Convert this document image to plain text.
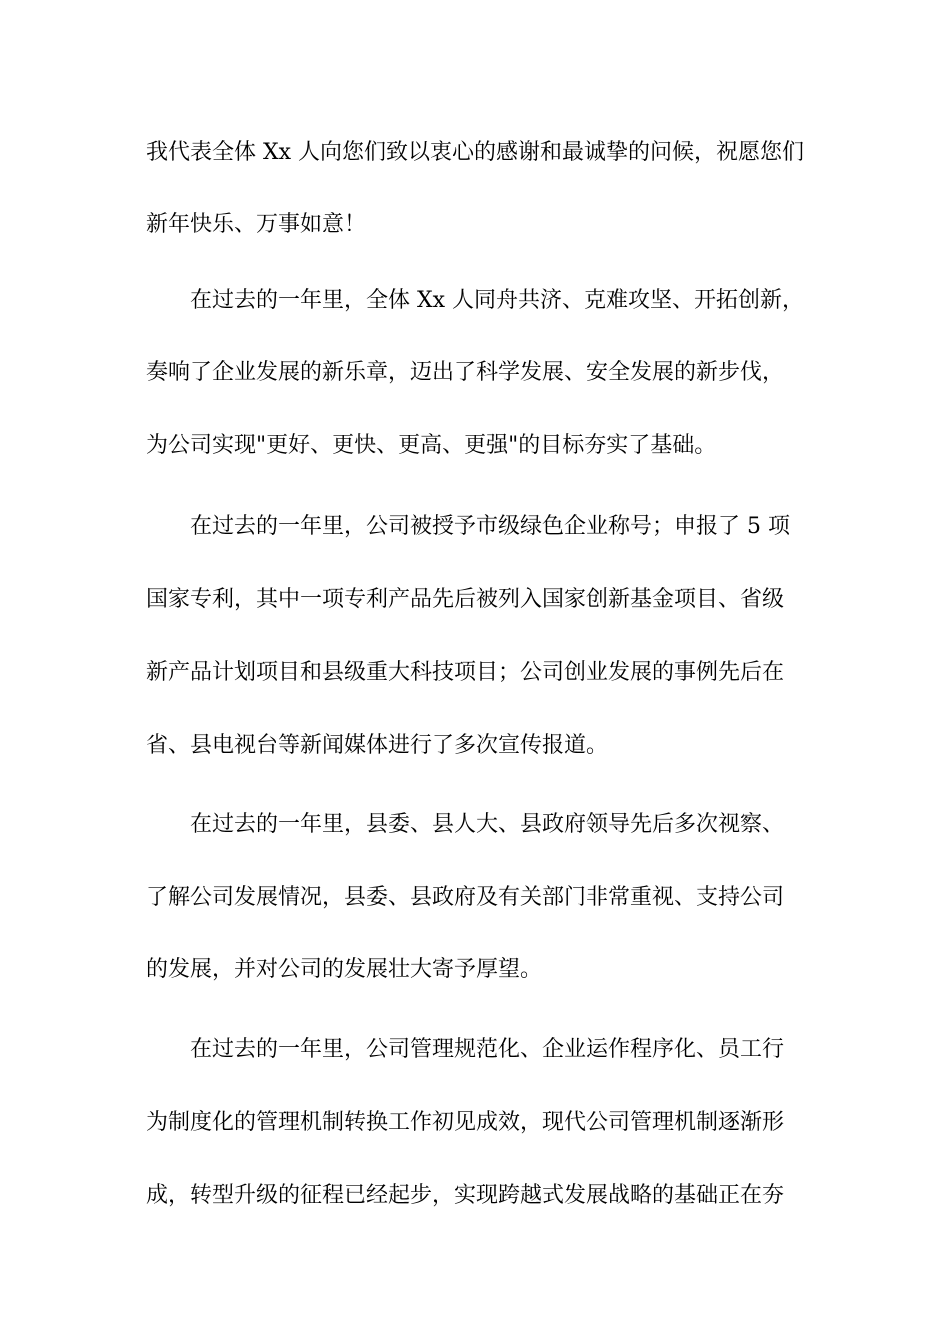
我代表全体 Xx 人向您们致以衷心的感谢和最诚挚的问候，祝愿您们
新年快乐、万事如意！
在过去的一年里，全体 Xx 人同舟共济、克难攻坚、开拓创新，
奏响了企业发展的新乐章，迈出了科学发展、安全发展的新步伐，
为公司实现"更好、更快、更高、更强"的目标夯实了基础。
在过去的一年里，公司被授予市级绿色企业称号；申报了 5 项
国家专利，其中一项专利产品先后被列入国家创新基金项目、省级
新产品计划项目和县级重大科技项目；公司创业发展的事例先后在
省、县电视台等新闻媒体进行了多次宣传报道。
在过去的一年里，县委、县人大、县政府领导先后多次视察、
了解公司发展情况，县委、县政府及有关部门非常重视、支持公司
的发展，并对公司的发展壮大寄予厚望。
在过去的一年里，公司管理规范化、企业运作程序化、员工行
为制度化的管理机制转换工作初见成效，现代公司管理机制逐渐形
成，转型升级的征程已经起步，实现跨越式发展战略的基础正在夯
